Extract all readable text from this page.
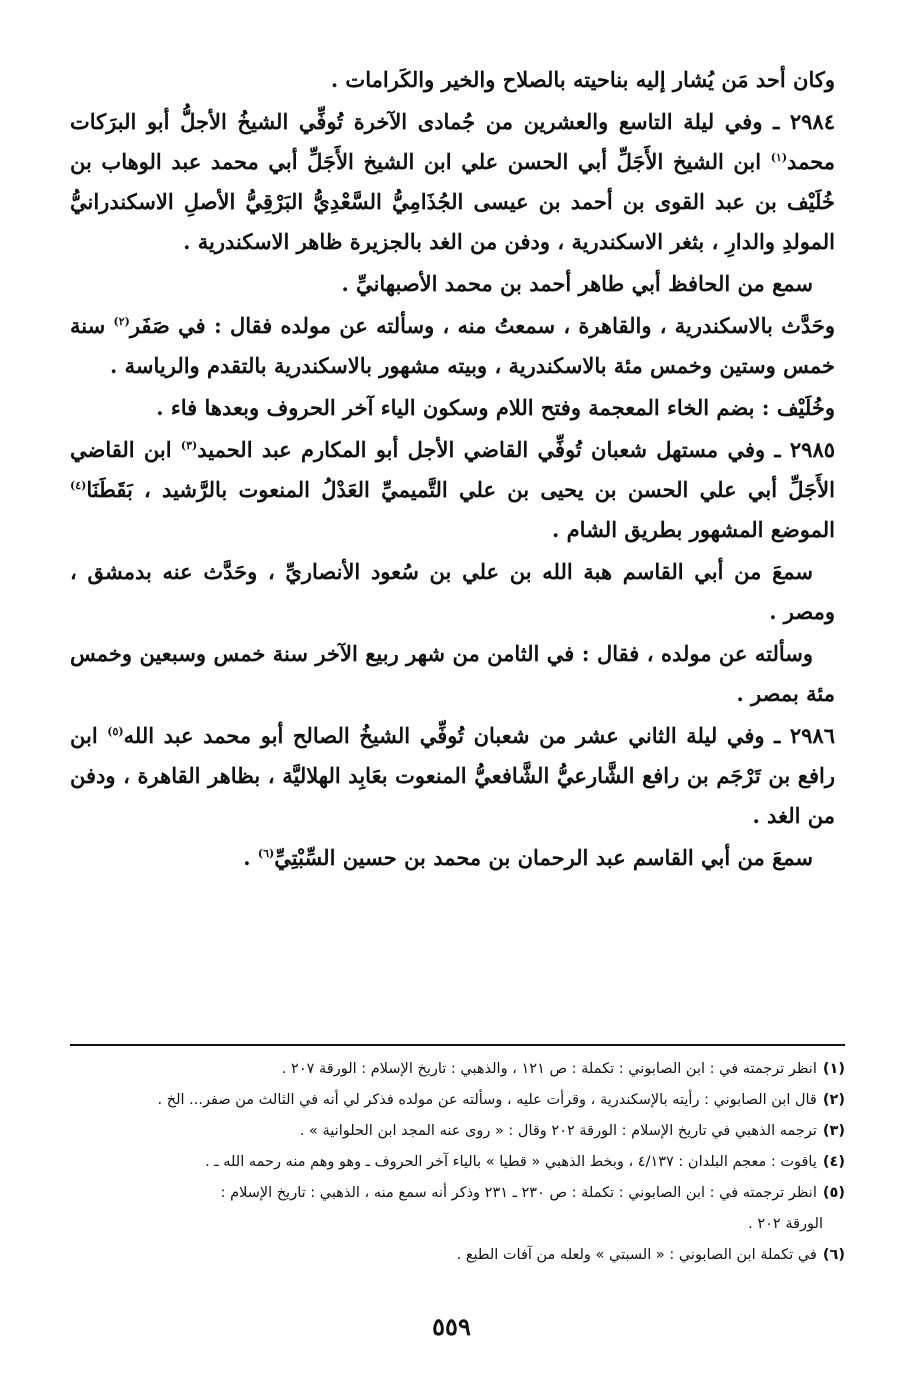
وكان أحد مَن يُشار إليه بناحيته بالصلاح والخير والكَرامات .

٢٩٨٤ ـ وفي ليلة التاسع والعشرين من جُمادى الآخرة تُوفِّي الشيخُ الأجلُّ أبو البرَكات محمد$^{(١)}$ ابن الشيخ الأَجَلِّ أبي الحسن علي ابن الشيخ الأَجَلِّ أبي محمد عبد الوهاب بن خُلَيْف بن عبد القوى بن أحمد بن عيسى الجُذَامِيُّ السَّعْدِيُّ البَرْقِيُّ الأصلِ الاسكندرانيُّ المولدِ والدارِ ، بثغر الاسكندرية ، ودفن من الغد بالجزيرة ظاهر الاسكندرية .

سمع من الحافظ أبي طاهر أحمد بن محمد الأصبهانيِّ .

وحَدَّث بالاسكندرية ، والقاهرة ، سمعتُ منه ، وسألته عن مولده فقال : في صَفَر$^{(٢)}$ سنة خمس وستين وخمس مئة بالاسكندرية ، وبيته مشهور بالاسكندرية بالتقدم والرياسة .

وخُلَيْف : بضم الخاء المعجمة وفتح اللام وسكون الياء آخر الحروف وبعدها فاء .

٢٩٨٥ ـ وفي مستهل شعبان تُوفِّي القاضي الأجل أبو المكارم عبد الحميد$^{(٣)}$ ابن القاضي الأَجَلِّ أبي علي الحسن بن يحيى بن علي التَّميميِّ العَدْلُ المنعوت بالرَّشيد ، بَقَطَنَا$^{(٤)}$ الموضع المشهور بطريق الشام .

سمعَ من أبي القاسم هبة الله بن علي بن سُعود الأنصاريِّ ، وحَدَّث عنه بدمشق ، ومصر .

وسألته عن مولده ، فقال : في الثامن من شهر ربيع الآخر سنة خمس وسبعين وخمس مئة بمصر .

٢٩٨٦ ـ وفي ليلة الثاني عشر من شعبان تُوفِّي الشيخُ الصالح أبو محمد عبد الله$^{(٥)}$ ابن رافع بن تَرْجَم بن رافع الشَّارعيُّ الشَّافعيُّ المنعوت بعَابِد الهلاليَّة ، بظاهر القاهرة ، ودفن من الغد .

سمعَ من أبي القاسم عبد الرحمان بن محمد بن حسين السِّبْتِيِّ$^{(٦)}$ .

(١)انظر ترجمته في : ابن الصابوني : تكملة : ص ١٢١ ، والذهبي : تاريخ الإسلام : الورقة ٢٠٧ .

(٢)قال ابن الصابوني : رأيته بالإسكندرية ، وقرأت عليه ، وسألته عن مولده فذكر لي أنه في الثالث من صفر... الخ .

(٣)ترجمه الذهبي في تاريخ الإسلام : الورقة ٢٠٢ وقال : « روى عنه المجد ابن الحلوانية » .

(٤)ياقوت : معجم البلدان : ٤/١٣٧ ، وبخط الذهبي « قطيا » بالياء آخر الحروف ـ وهو وهم منه رحمه الله ـ .

(٥)انظر ترجمته في : ابن الصابوني : تكملة : ص ٢٣٠ ـ ٢٣١ وذكر أنه سمع منه ، الذهبي : تاريخ الإسلام :

الورقة ٢٠٢ .

(٦)في تكملة ابن الصابوني : « السبتي » ولعله من آفات الطبع .

٥٥٩
